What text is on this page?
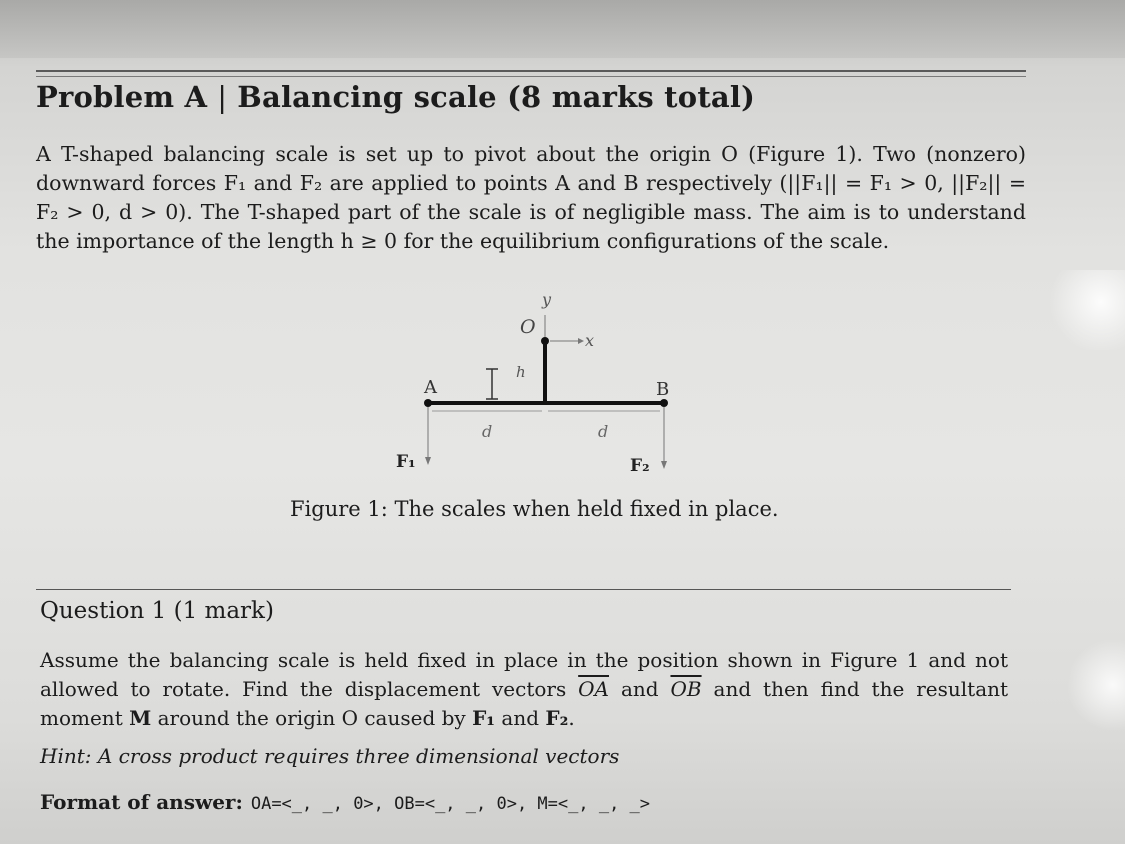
Problem A | Balancing scale (8 marks total)

A T-shaped balancing scale is set up to pivot about the origin O (Figure 1). Two (nonzero) downward forces F₁ and F₂ are applied to points A and B respectively (||F₁|| = F₁ > 0, ||F₂|| = F₂ > 0, d > 0). The T-shaped part of the scale is of negligible mass. The aim is to understand the importance of the length h ≥ 0 for the equilibrium configurations of the scale.

y
O
x
h
A	B
d	d
F₁	F₂
Figure 1: The scales when held fixed in place.
Question 1 (1 mark)
Assume the balancing scale is held fixed in place in the position shown in Figure 1 and not allowed to rotate. Find the displacement vectors $\overline{OA}$ and $\overline{OB}$ and then find the resultant moment M around the origin O caused by F₁ and F₂.
Hint: A cross product requires three dimensional vectors
Format of answer: OA=<_, _, 0>, OB=<_, _, 0>, M=<_, _, _>
